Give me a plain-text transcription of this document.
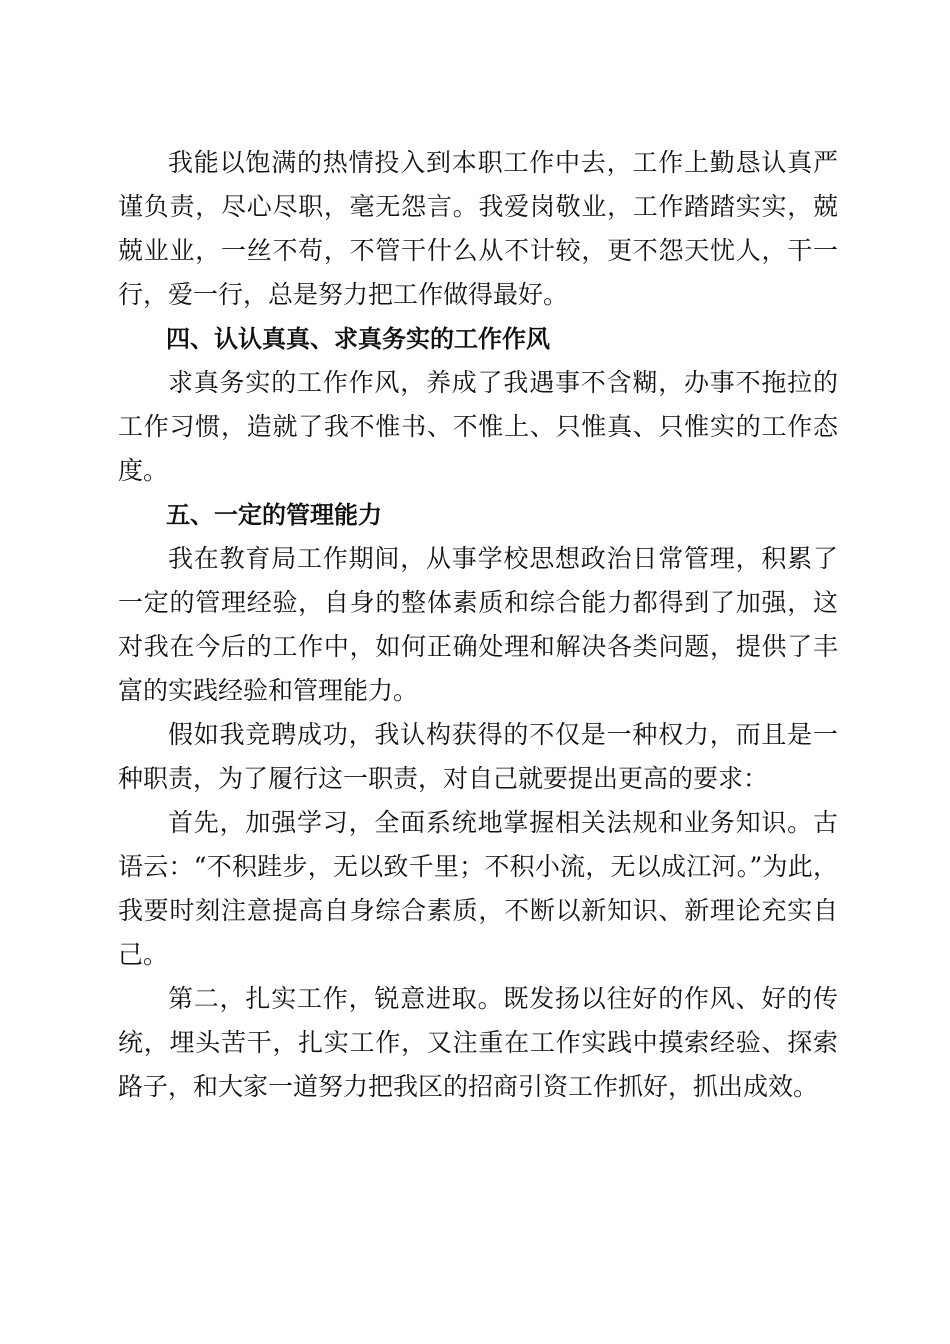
我能以饱满的热情投入到本职工作中去，工作上勤恳认真严谨负责，尽心尽职，毫无怨言。我爱岗敬业，工作踏踏实实，兢兢业业，一丝不苟，不管干什么从不计较，更不怨天忧人，干一行，爱一行，总是努力把工作做得最好。

四、认认真真、求真务实的工作作风

求真务实的工作作风，养成了我遇事不含糊，办事不拖拉的工作习惯，造就了我不惟书、不惟上、只惟真、只惟实的工作态度。

五、一定的管理能力

我在教育局工作期间，从事学校思想政治日常管理，积累了一定的管理经验，自身的整体素质和综合能力都得到了加强，这对我在今后的工作中，如何正确处理和解决各类问题，提供了丰富的实践经验和管理能力。

假如我竞聘成功，我认构获得的不仅是一种权力，而且是一种职责，为了履行这一职责，对自己就要提出更高的要求：

首先，加强学习，全面系统地掌握相关法规和业务知识。古语云：“不积跬步，无以致千里；不积小流，无以成江河。”为此，我要时刻注意提高自身综合素质，不断以新知识、新理论充实自己。

第二，扎实工作，锐意进取。既发扬以往好的作风、好的传统，埋头苦干，扎实工作，又注重在工作实践中摸索经验、探索路子，和大家一道努力把我区的招商引资工作抓好，抓出成效。
